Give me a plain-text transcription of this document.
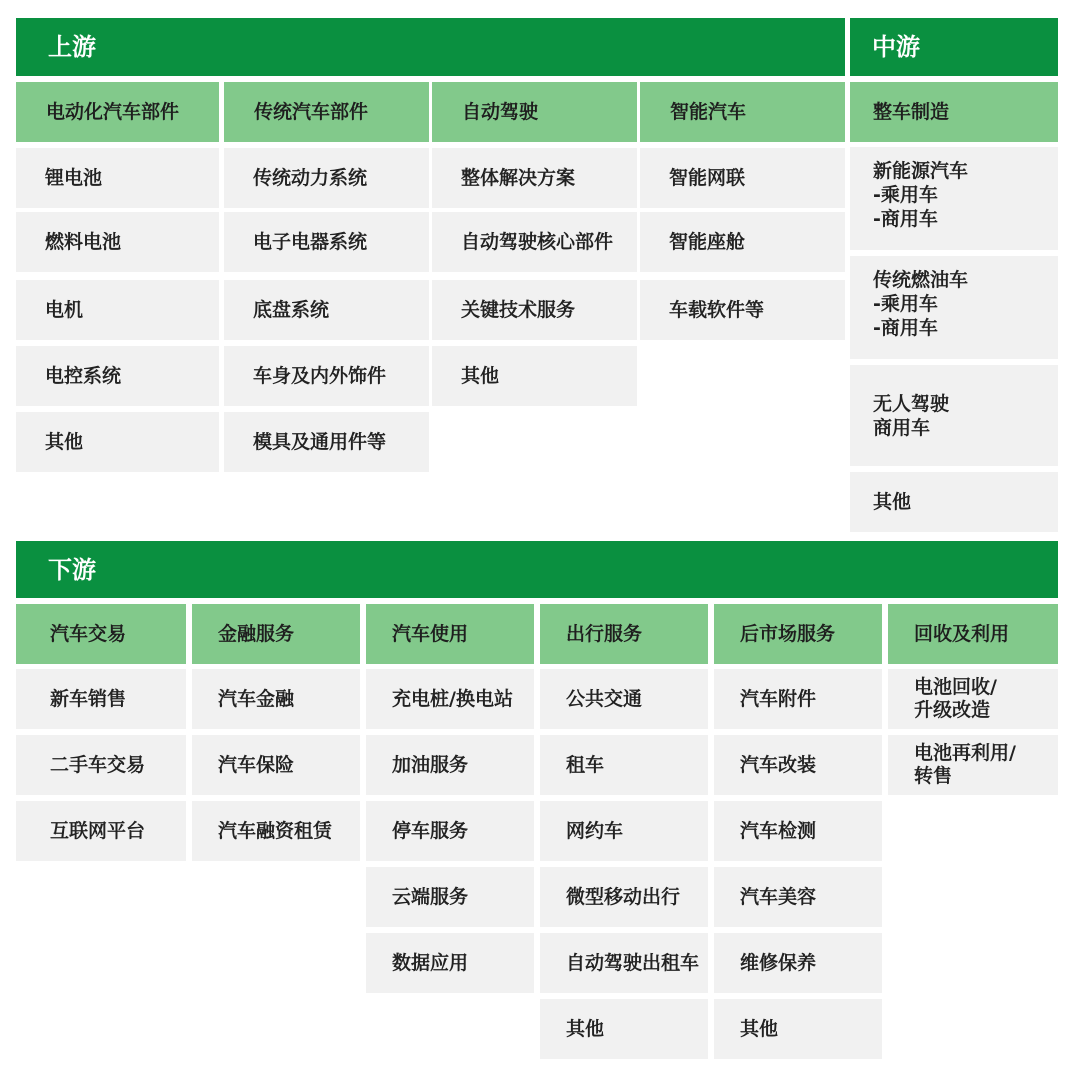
上游
电动化汽车部件
锂电池
燃料电池
电机
电控系统
其他
传统汽车部件
传统动力系统
电子电器系统
底盘系统
车身及内外饰件
模具及通用件等
自动驾驶
整体解决方案
自动驾驶核心部件
关键技术服务
其他
智能汽车
智能网联
智能座舱
车载软件等
中游
整车制造
新能源汽车
-乘用车
-商用车
传统燃油车
-乘用车
-商用车
无人驾驶
商用车
其他
下游
汽车交易
新车销售
二手车交易
互联网平台
金融服务
汽车金融
汽车保险
汽车融资租赁
汽车使用
充电桩/换电站
加油服务
停车服务
云端服务
数据应用
出行服务
公共交通
租车
网约车
微型移动出行
自动驾驶出租车
其他
后市场服务
汽车附件
汽车改装
汽车检测
汽车美容
维修保养
其他
回收及利用
电池回收/
升级改造
电池再利用/
转售
